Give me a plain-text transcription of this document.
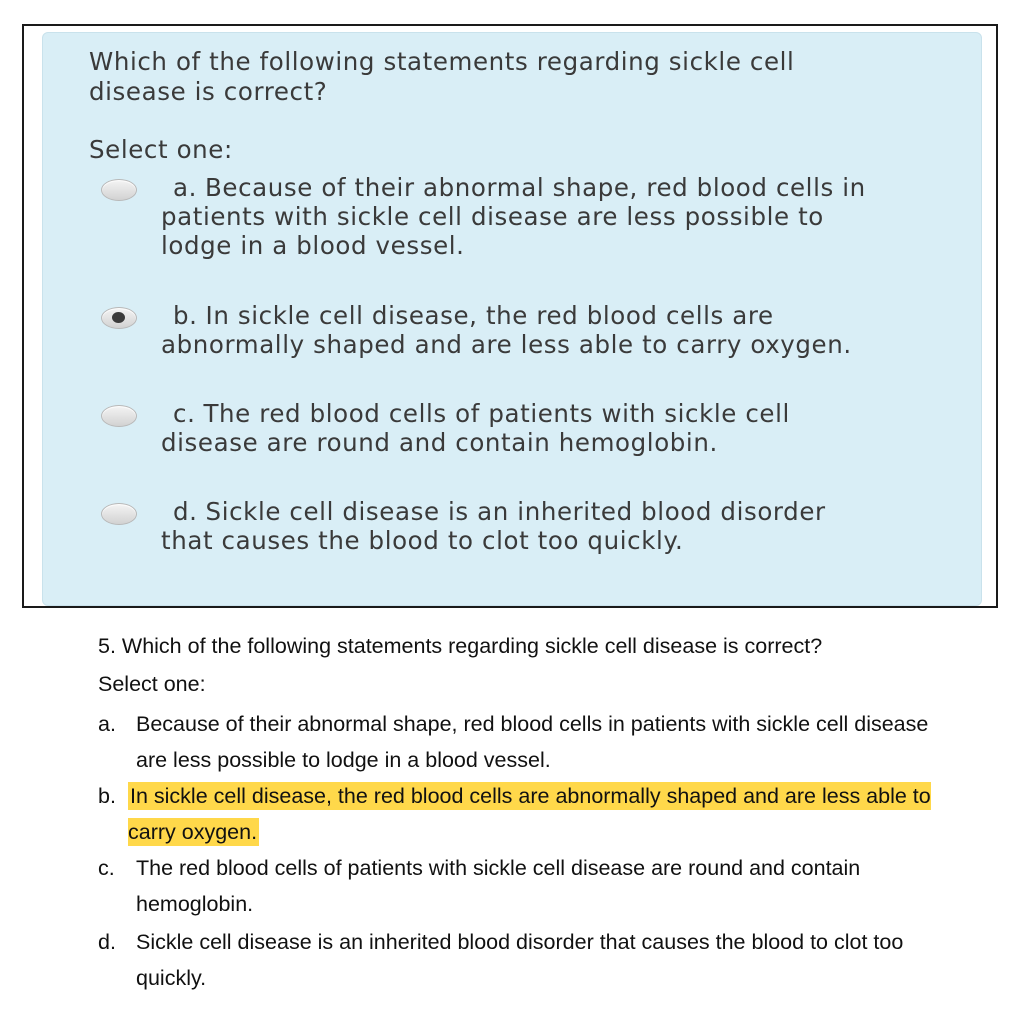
Which of the following statements regarding sickle cell disease is correct?

Select one:
a. Because of their abnormal shape, red blood cells in patients with sickle cell disease are less possible to lodge in a blood vessel.
b. In sickle cell disease, the red blood cells are abnormally shaped and are less able to carry oxygen.
c. The red blood cells of patients with sickle cell disease are round and contain hemoglobin.
d. Sickle cell disease is an inherited blood disorder that causes the blood to clot too quickly.
5. Which of the following statements regarding sickle cell disease is correct?
Select one:
a. Because of their abnormal shape, red blood cells in patients with sickle cell disease are less possible to lodge in a blood vessel.
b. In sickle cell disease, the red blood cells are abnormally shaped and are less able to carry oxygen.
c. The red blood cells of patients with sickle cell disease are round and contain hemoglobin.
d. Sickle cell disease is an inherited blood disorder that causes the blood to clot too quickly.
